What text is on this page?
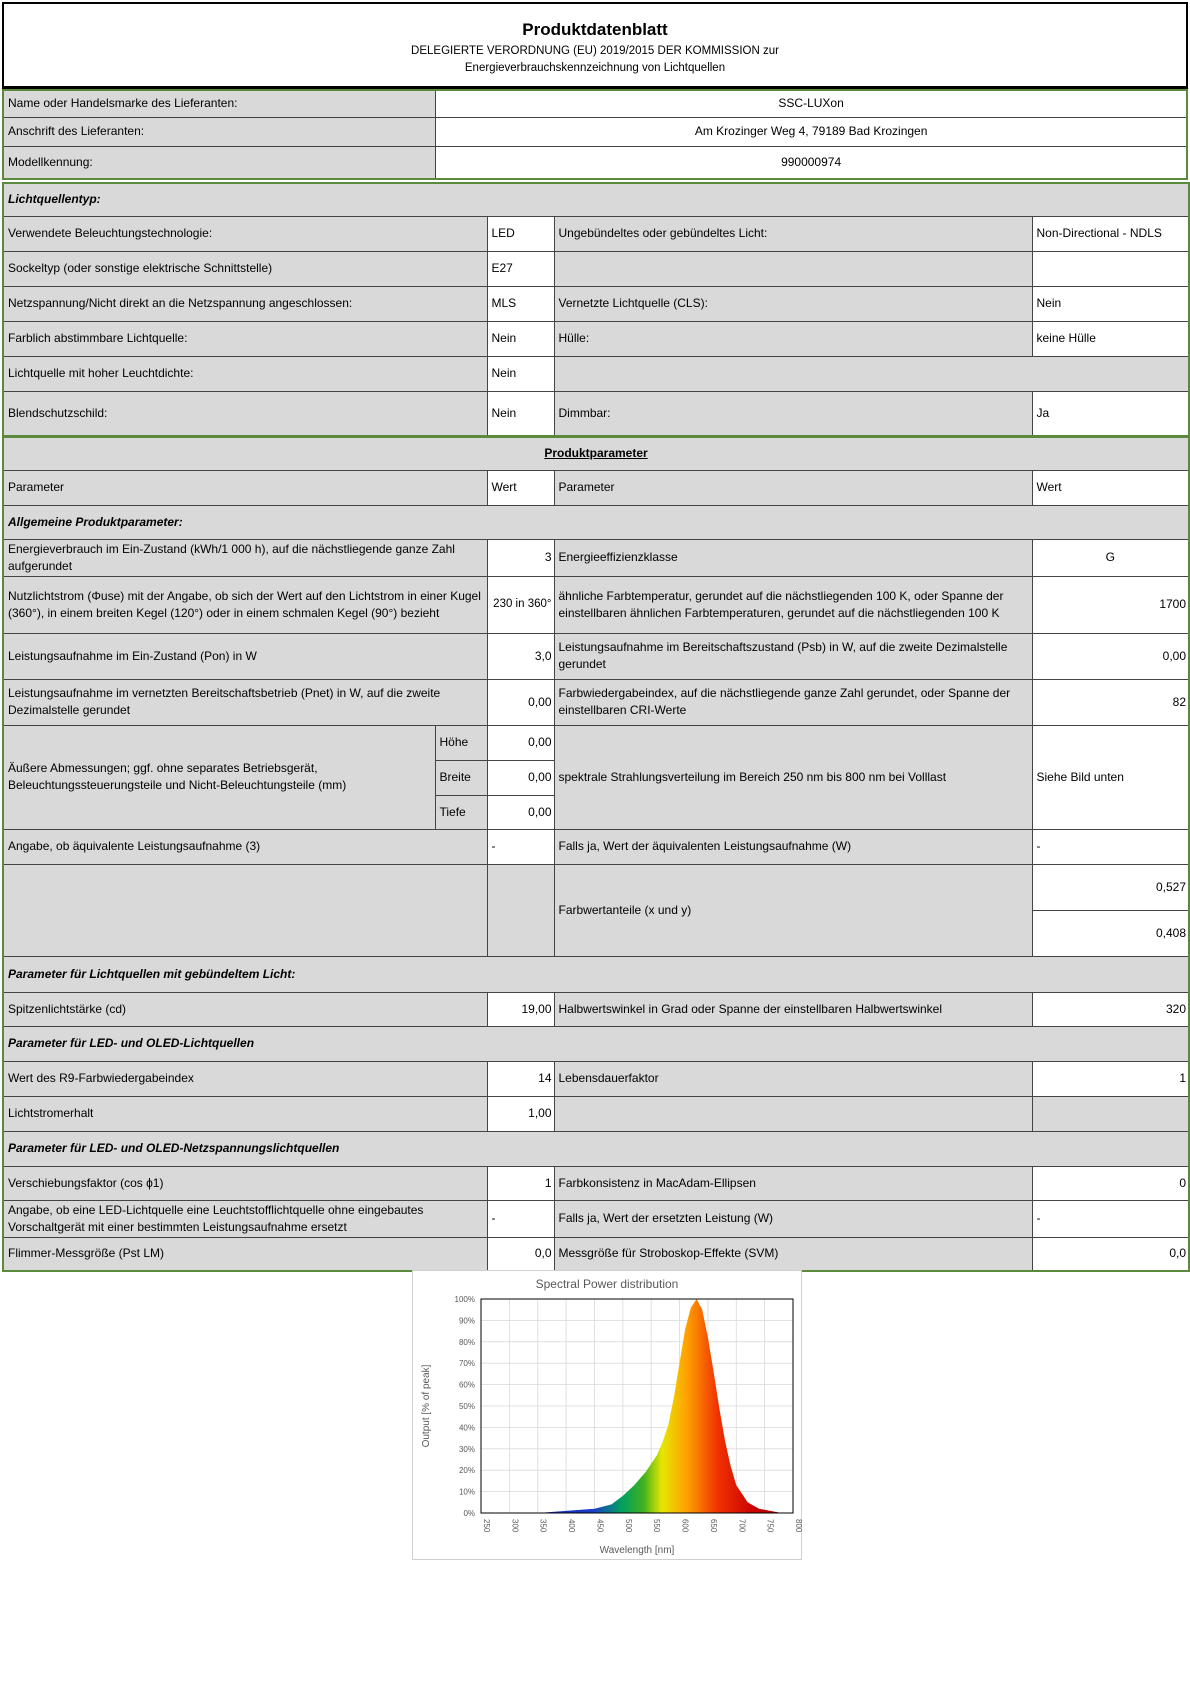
Produktdatenblatt
DELEGIERTE VERORDNUNG (EU) 2019/2015 DER KOMMISSION zur
Energieverbrauchskennzeichnung von Lichtquellen
Name oder Handelsmarke des Lieferanten:	SSC-LUXon
Anschrift des Lieferanten:	Am Krozinger Weg 4, 79189 Bad Krozingen
Modellkennung:	990000974
Lichtquellentyp:				
Verwendete Beleuchtungstechnologie:		LED	Ungebündeltes oder gebündeltes Licht:	Non-Directional - NDLS
Sockeltyp (oder sonstige elektrische Schnittstelle)		E27		
Netzspannung/Nicht direkt an die Netzspannung angeschlossen:		MLS	Vernetzte Lichtquelle (CLS):	Nein
Farblich abstimmbare Lichtquelle:		Nein	Hülle:	keine Hülle
Lichtquelle mit hoher Leuchtdichte:		Nein		
Blendschutzschild:		Nein	Dimmbar:	Ja
Produktparameter				
Parameter		Wert	Parameter	Wert
Allgemeine Produktparameter:				
Energieverbrauch im Ein-Zustand (kWh/1 000 h), auf die nächstliegende ganze Zahl aufgerundet		3	Energieeffizienzklasse	G
Nutzlichtstrom (Φuse) mit der Angabe, ob sich der Wert auf den Lichtstrom in einer Kugel (360°), in einem breiten Kegel (120°) oder in einem schmalen Kegel (90°) bezieht		230 in 360°	ähnliche Farbtemperatur, gerundet auf die nächstliegenden 100 K, oder Spanne der einstellbaren ähnlichen Farbtemperaturen, gerundet auf die nächstliegenden 100 K	1700
Leistungsaufnahme im Ein-Zustand (Pon) in W		3,0	Leistungsaufnahme im Bereitschaftszustand (Psb) in W, auf die zweite Dezimalstelle gerundet	0,00
Leistungsaufnahme im vernetzten Bereitschaftsbetrieb (Pnet) in W, auf die zweite Dezimalstelle gerundet		0,00	Farbwiedergabeindex, auf die nächstliegende ganze Zahl gerundet, oder Spanne der einstellbaren CRI-Werte	82
Äußere Abmessungen; ggf. ohne separates Betriebsgerät, Beleuchtungssteuerungsteile und Nicht-Beleuchtungsteile (mm)	Höhe	0,00	spektrale Strahlungsverteilung im Bereich 250 nm bis 800 nm bei Volllast	Siehe Bild unten
	Breite	0,00		
	Tiefe	0,00		
Angabe, ob äquivalente Leistungsaufnahme (3)		-	Falls ja, Wert der äquivalenten Leistungsaufnahme (W)	-
			Farbwertanteile (x und y)	0,527
				0,408
Parameter für Lichtquellen mit gebündeltem Licht:				
Spitzenlichtstärke (cd)		19,00	Halbwertswinkel in Grad oder Spanne der einstellbaren Halbwertswinkel	320
Parameter für LED- und OLED-Lichtquellen				
Wert des R9-Farbwiedergabeindex		14	Lebensdauerfaktor	1
Lichtstromerhalt		1,00		
Parameter für LED- und OLED-Netzspannungslichtquellen				
Verschiebungsfaktor (cos ϕ1)		1	Farbkonsistenz in MacAdam-Ellipsen	0
Angabe, ob eine LED-Lichtquelle eine Leuchtstofflichtquelle ohne eingebautes Vorschaltgerät mit einer bestimmten Leistungsaufnahme ersetzt		-	Falls ja, Wert der ersetzten Leistung (W)	-
Flimmer-Messgröße (Pst LM)		0,0	Messgröße für Stroboskop-Effekte (SVM)	0,0
Spectral Power distribution
0%
10%
20%
30%
40%
50%
60%
70%
80%
90%
100%
250 300 350 400 450 500 550 600 650 700 750 800
Wavelength [nm]
Output [% of peak]
